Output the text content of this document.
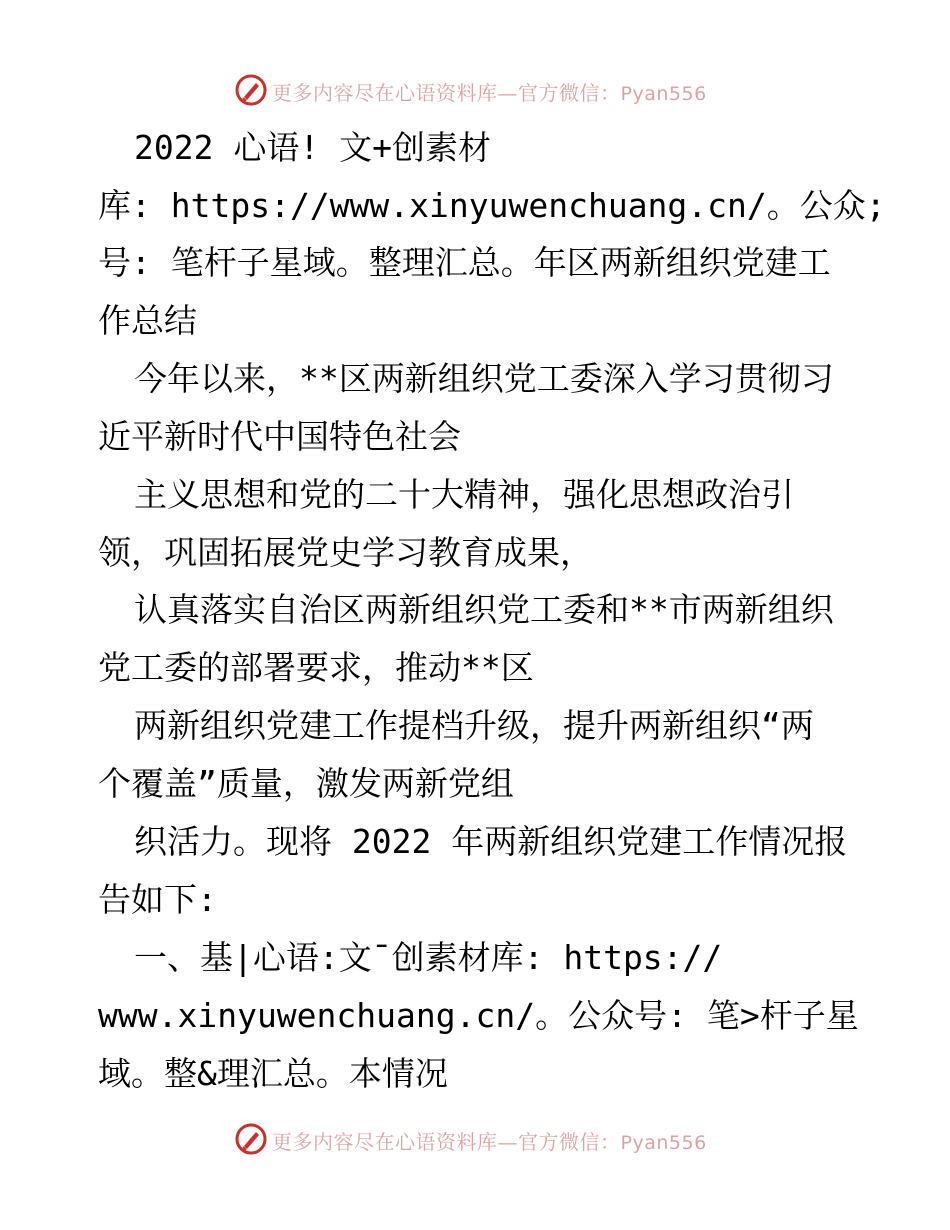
更多内容尽在心语资料库—官方微信：Pyan556
2022 心语! 文+创素材
库: https://www.xinyuwenchuang.cn/。公众;
号: 笔杆子星域。整理汇总。年区两新组织党建工
作总结
今年以来，**区两新组织党工委深入学习贯彻习
近平新时代中国特色社会
主义思想和党的二十大精神，强化思想政治引
领，巩固拓展党史学习教育成果，
认真落实自治区两新组织党工委和**市两新组织
党工委的部署要求，推动**区
两新组织党建工作提档升级，提升两新组织“两
个覆盖”质量，激发两新党组
织活力。现将 2022 年两新组织党建工作情况报
告如下:
一、基|心语:文¯创素材库: https://
www.xinyuwenchuang.cn/。公众号: 笔>杆子星
域。整&理汇总。本情况
更多内容尽在心语资料库—官方微信：Pyan556
